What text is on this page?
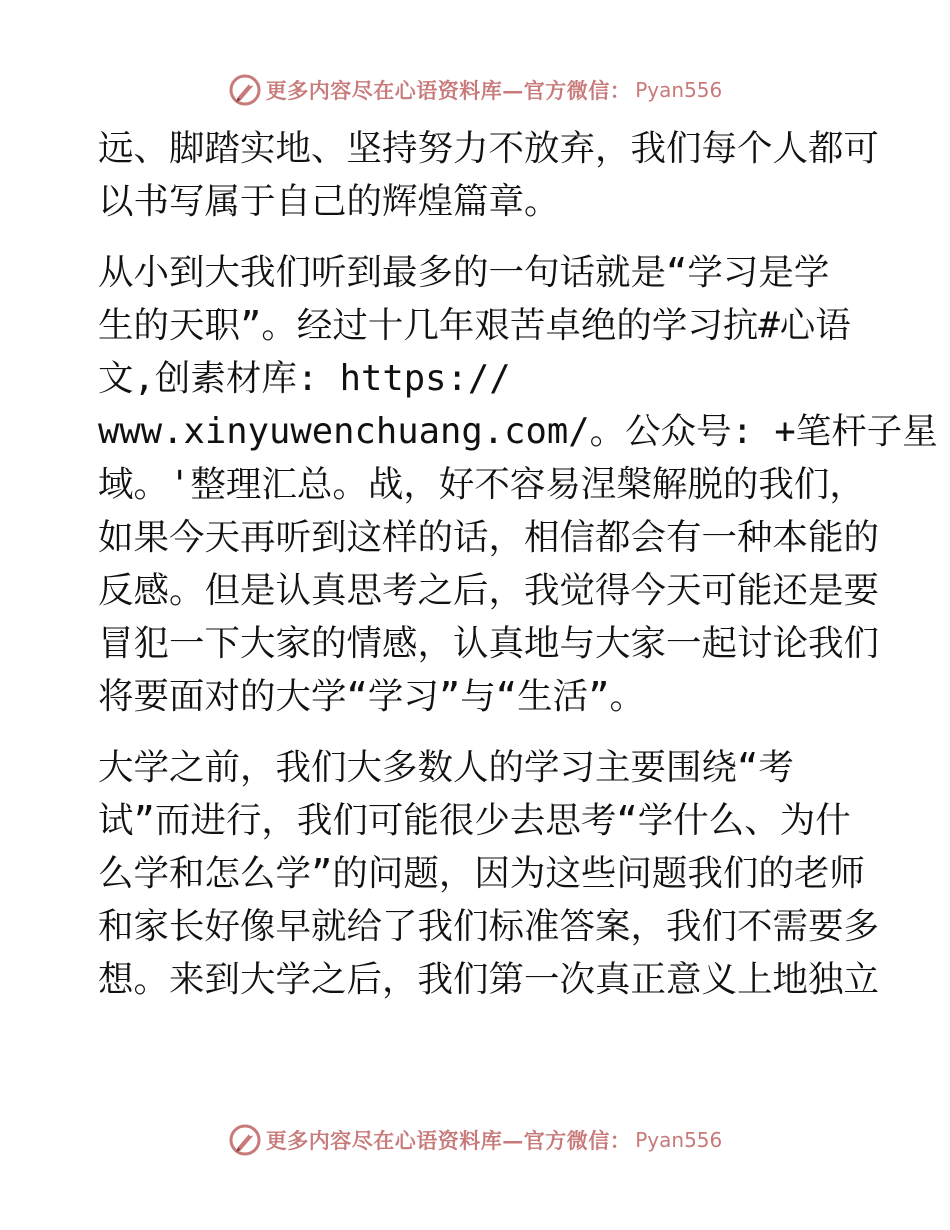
更多内容尽在心语资料库—官方微信： Pyan556
远、脚踏实地、坚持努力不放弃，我们每个人都可
以书写属于自己的辉煌篇章。
从小到大我们听到最多的一句话就是“学习是学
生的天职”。经过十几年艰苦卓绝的学习抗#心语
文,创素材库: https://
www.xinyuwenchuang.com/。公众号: +笔杆子星
域。'整理汇总。战，好不容易涅槃解脱的我们，
如果今天再听到这样的话，相信都会有一种本能的
反感。但是认真思考之后，我觉得今天可能还是要
冒犯一下大家的情感，认真地与大家一起讨论我们
将要面对的大学“学习”与“生活”。
大学之前，我们大多数人的学习主要围绕“考
试”而进行，我们可能很少去思考“学什么、为什
么学和怎么学”的问题，因为这些问题我们的老师
和家长好像早就给了我们标准答案，我们不需要多
想。来到大学之后，我们第一次真正意义上地独立
更多内容尽在心语资料库—官方微信： Pyan556
